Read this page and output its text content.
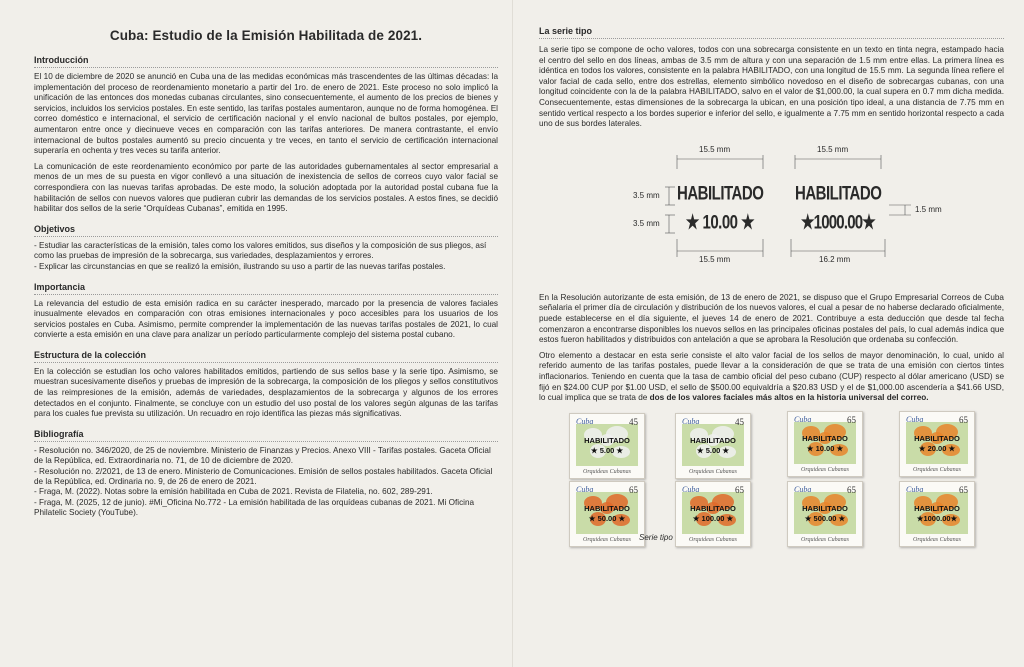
Cuba: Estudio de la Emisión Habilitada de 2021.
Introducción

El 10 de diciembre de 2020 se anunció en Cuba una de las medidas económicas más trascendentes de las últimas décadas: la implementación del proceso de reordenamiento monetario a partir del 1ro. de enero de 2021. Este proceso no solo implicó la unificación de las entonces dos monedas cubanas circulantes, sino consecuentemente, el aumento de los precios de bienes y servicios, incluidos los servicios postales. En este sentido, las tarifas postales aumentaron, aunque no de forma homogénea. El correo doméstico e internacional, el servicio de certificación nacional y el envío nacional de bultos postales, por ejemplo, aumentaron entre once y diecinueve veces en comparación con las tarifas anteriores. De manera contrastante, el envío internacional de bultos postales aumentó su precio cincuenta y tre veces, en tanto el servicio de certificación internacional superaría en ochenta y tres veces su tarifa anterior.

La comunicación de este reordenamiento económico por parte de las autoridades gubernamentales al sector empresarial a menos de un mes de su puesta en vigor conllevó a una situación de inexistencia de sellos de correos cuyo valor facial se correspondiera con las nuevas tarifas aprobadas. De este modo, la solución adoptada por la autoridad postal cubana fue la habilitación de sellos con nuevos valores que pudieran cubrir las demandas de los servicios postales. A estos fines, se decidió habilitar dos sellos de la serie “Orquídeas Cubanas”, emitida en 1995.

Objetivos
- Estudiar las características de la emisión, tales como los valores emitidos, sus diseños y la composición de sus pliegos, así como las pruebas de impresión de la sobrecarga, sus variedades, desplazamientos y errores.
- Explicar las circunstancias en que se realizó la emisión, ilustrando su uso a partir de las nuevas tarifas postales.
Importancia

La relevancia del estudio de esta emisión radica en su carácter inesperado, marcado por la presencia de valores faciales inusualmente elevados en comparación con otras emisiones internacionales y poco accesibles para los usuarios de los servicios postales en Cuba. Asimismo, permite comprender la implementación de las nuevas tarifas postales de 2021, lo cual convierte a esta emisión en una clave para analizar un período particularmente complejo del sistema postal cubano.

Estructura de la colección

En la colección se estudian los ocho valores habilitados emitidos, partiendo de sus sellos base y la serie tipo. Asimismo, se muestran sucesivamente diseños y pruebas de impresión de la sobrecarga, la composición de los pliegos y sellos constitutivos de las reimpresiones de la emisión, además de variedades, desplazamientos de la sobrecarga y algunos de los errores detectados en el conjunto. Finalmente, se concluye con un estudio del uso postal de los valores según algunas de las tarifas para los cuales fue prevista su utilización. Un recuadro en rojo identifica las piezas más significativas.

Bibliografía
- Resolución no. 346/2020, de 25 de noviembre. Ministerio de Finanzas y Precios. Anexo VIII - Tarifas postales. Gaceta Oficial de la República, ed. Extraordinaria no. 71, de 10 de diciembre de 2020.
- Resolución no. 2/2021, de 13 de enero. Ministerio de Comunicaciones. Emisión de sellos postales habilitados. Gaceta Oficial de la República, ed. Ordinaria no. 9, de 26 de enero de 2021.
- Fraga, M. (2022). Notas sobre la emisión habilitada en Cuba de 2021. Revista de Filatelia, no. 602, 289-291.
- Fraga, M. (2025, 12 de junio). #Mi_Oficina No.772 - La emisión habilitada de las orquídeas cubanas de 2021. Mi Oficina Philatelic Society (YouTube).
La serie tipo

La serie tipo se compone de ocho valores, todos con una sobrecarga consistente en un texto en tinta negra, estampado hacia el centro del sello en dos líneas, ambas de 3.5 mm de altura y con una separación de 1.5 mm entre ellas. La primera línea es idéntica en todos los valores, consistente en la palabra HABILITADO, con una longitud de 15.5 mm. La segunda línea refiere el valor facial de cada sello, entre dos estrellas, elemento simbólico novedoso en el diseño de sobrecargas cubanas, con una longitud coincidente con la de la palabra HABILITADO, salvo en el valor de $1,000.00, la cual supera en 0.7 mm dicha medida. Consecuentemente, estas dimensiones de la sobrecarga la ubican, en una posición tipo ideal, a una distancia de 7.75 mm en sentido vertical respecto a los bordes superior e inferior del sello, e igualmente a 7.75 mm en sentido horizontal respecto a cada uno de sus bordes laterales.

15.5 mm
3.5 mm
3.5 mm
HABILITADO
★ 10.00 ★
15.5 mm
15.5 mm
HABILITADO
★1000.00★
1.5 mm
16.2 mm

En la Resolución autorizante de esta emisión, de 13 de enero de 2021, se dispuso que el Grupo Empresarial Correos de Cuba señalaria el primer día de circulación y distribución de los nuevos valores, el cual a pesar de no haberse declarado oficialmente, puede establecerse en el día siguiente, el jueves 14 de enero de 2021. Contribuye a esta deducción que desde tal fecha comenzaron a encontrarse disponibles los nuevos sellos en las principales oficinas postales del país, lo cual además indica que estos fueron habilitados y distribuidos con antelación a que se aprobara la Resolución que ordenaba su confección.

Otro elemento a destacar en esta serie consiste el alto valor facial de los sellos de mayor denominación, lo cual, unido al referido aumento de las tarifas postales, puede llevar a la consideración de que se trata de una emisión con ciertos tintes inflacionarios. Teniendo en cuenta que la tasa de cambio oficial del peso cubano (CUP) respecto al dólar americano (USD) se fijó en $24.00 CUP por $1.00 USD, el sello de $500.00 equivaldría a $20.83 USD y el de $1,000.00 ascendería a $41.66 USD, lo cual implica que se trata de dos de los valores faciales más altos en la historia universal del correo.

Cuba	45
HABILITADO
★ 5.00 ★
Orquideas Cubanas
Cuba	45
HABILITADO
★ 5.00 ★
Orquideas Cubanas
Cuba	65
HABILITADO
★ 10.00 ★
Orquideas Cubanas
Cuba	65
HABILITADO
★ 20.00 ★
Orquideas Cubanas
Cuba	65
HABILITADO
★ 50.00 ★
Orquideas Cubanas
Cuba	65
HABILITADO
★ 100.00 ★
Orquideas Cubanas
Cuba	65
HABILITADO
★ 500.00 ★
Orquideas Cubanas
Cuba	65
HABILITADO
★1000.00★
Orquideas Cubanas
Serie tipo
